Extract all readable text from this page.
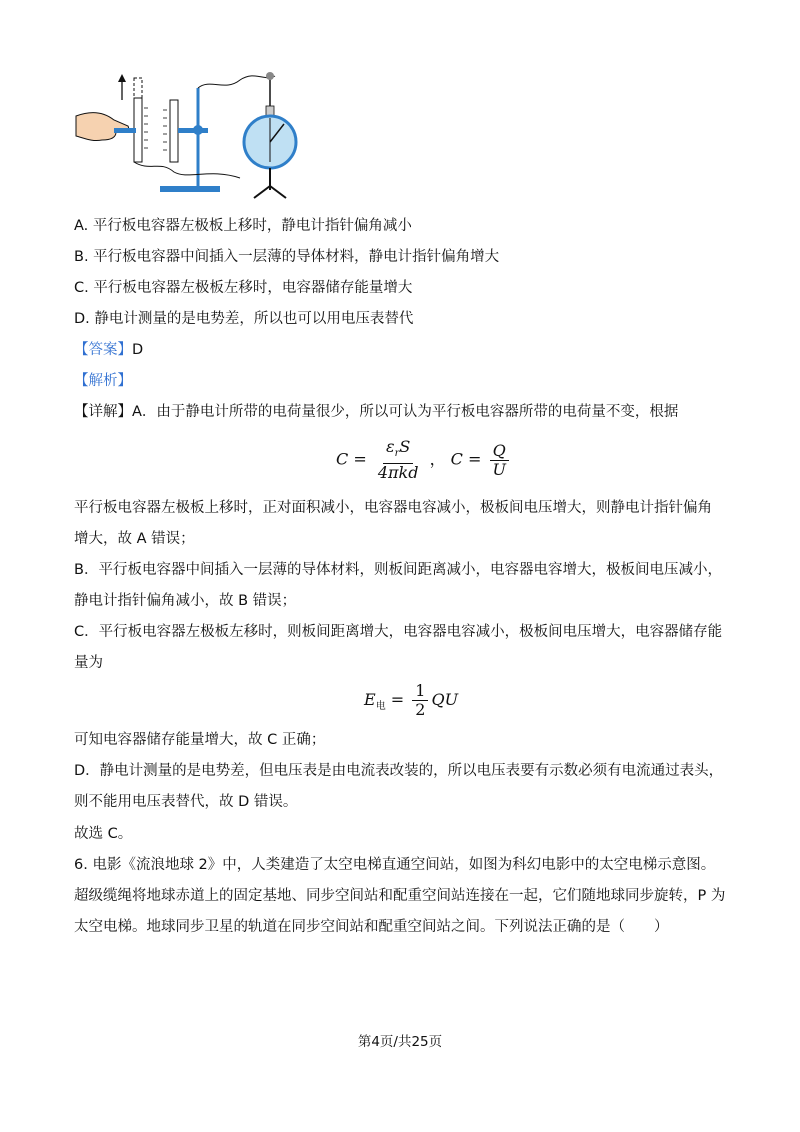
A. 平行板电容器左极板上移时，静电计指针偏角减小
B. 平行板电容器中间插入一层薄的导体材料，静电计指针偏角增大
C. 平行板电容器左极板左移时，电容器储存能量增大
D. 静电计测量的是电势差，所以也可以用电压表替代
【答案】D
【解析】
【详解】A．由于静电计所带的电荷量很少，所以可认为平行板电容器所带的电荷量不变，根据
$C = \frac{\varepsilon_rS}{\text{4πkd}}$ ， $C = \frac{Q}{U}$
平行板电容器左极板上移时，正对面积减小，电容器电容减小，极板间电压增大，则静电计指针偏角增大，故 A 错误；
B．平行板电容器中间插入一层薄的导体材料，则板间距离减小，电容器电容增大，极板间电压减小，静电计指针偏角减小，故 B 错误；
C．平行板电容器左极板左移时，则板间距离增大，电容器电容减小，极板间电压增大，电容器储存能量为
$E_电 = \frac{1}{2}$ QU
可知电容器储存能量增大，故 C 正确；
D．静电计测量的是电势差，但电压表是由电流表改装的，所以电压表要有示数必须有电流通过表头，则不能用电压表替代，故 D 错误。
故选 C。
6. 电影《流浪地球 2》中，人类建造了太空电梯直通空间站，如图为科幻电影中的太空电梯示意图。超级缆绳将地球赤道上的固定基地、同步空间站和配重空间站连接在一起，它们随地球同步旋转，P 为太空电梯。地球同步卫星的轨道在同步空间站和配重空间站之间。下列说法正确的是（　　）
第4页/共25页
